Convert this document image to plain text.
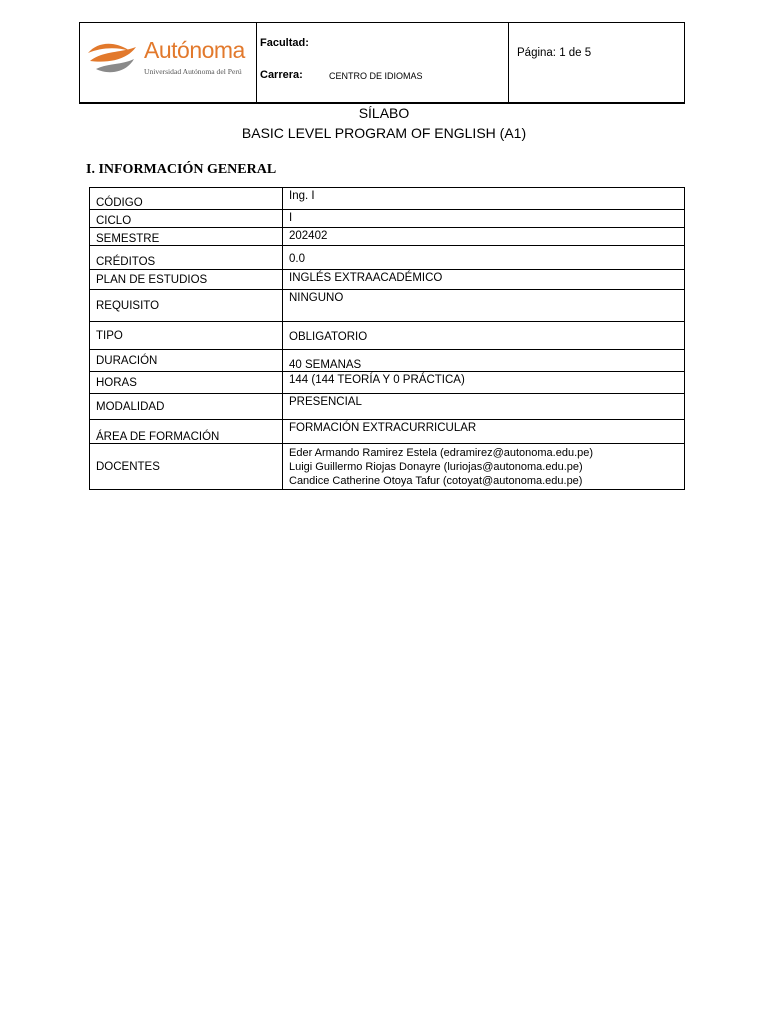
Autónoma
Universidad Autónoma del Perú
Facultad:
Carrera:	CENTRO DE IDIOMAS
Página: 1 de 5
SÍLABO
BASIC LEVEL PROGRAM OF ENGLISH (A1)
I. INFORMACIÓN GENERAL
CÓDIGO	Ing. I
CICLO	I
SEMESTRE	202402
CRÉDITOS	0.0
PLAN DE ESTUDIOS	INGLÉS EXTRAACADÉMICO
REQUISITO	NINGUNO
TIPO	OBLIGATORIO
DURACIÓN	40 SEMANAS
HORAS	144 (144 TEORÍA Y 0 PRÁCTICA)
MODALIDAD	PRESENCIAL
ÁREA DE FORMACIÓN	FORMACIÓN EXTRACURRICULAR
DOCENTES	Eder Armando Ramirez Estela (edramirez@autonoma.edu.pe)
Luigi Guillermo Riojas Donayre (luriojas@autonoma.edu.pe)
Candice Catherine Otoya Tafur (cotoyat@autonoma.edu.pe)
